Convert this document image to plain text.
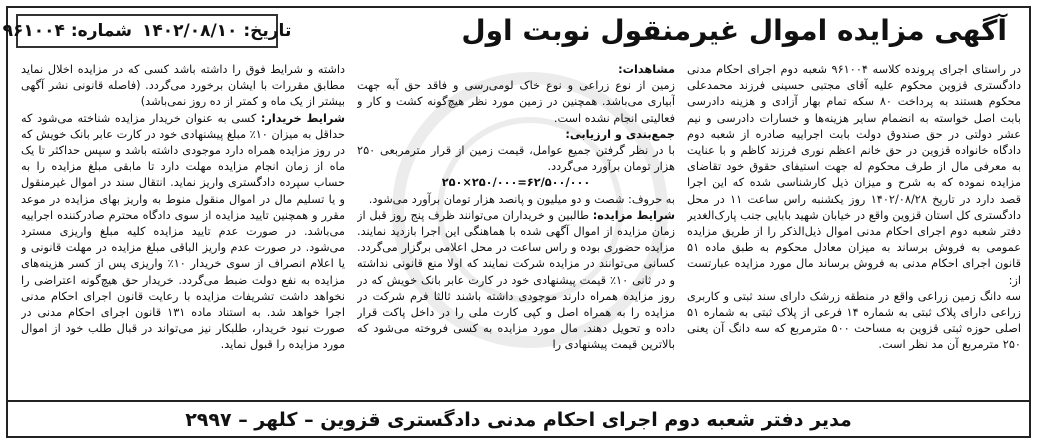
آگهی مزایده اموال غیرمنقول نوبت اول
تاریخ: ۱۴۰۲/۰۸/۱۰
شماره: ۹۶۱۰۰۴

در راستای اجرای پرونده کلاسه ۹۶۱۰۰۴ شعبه دوم اجرای احکام مدنی دادگستری قزوین محکوم علیه آقای مجتبی حسینی فرزند محمدعلی محکوم هستند به پرداخت ۸۰ سکه تمام بهار آزادی و هزینه دادرسی بابت اصل خواسته به انضمام سایر هزینه‌ها و خسارات دادرسی و نیم عشر دولتی در حق صندوق دولت بابت اجراییه صادره از شعبه دوم دادگاه خانواده قزوین در حق خانم اعظم نوری فرزند کاظم و با عنایت به معرفی مال از طرف محکوم له جهت استیفای حقوق خود تقاضای مزایده نموده که به شرح و میزان ذیل کارشناسی شده که این اجرا قصد دارد در تاریخ ۱۴۰۲/۰۸/۲۸ روز یکشنبه راس ساعت ۱۱ در محل دادگستری کل استان قزوین واقع در خیابان شهید بابایی جنب پارک‌الغدیر دفتر شعبه دوم اجرای احکام مدنی اموال ذیل‌الذکر را از طریق مزایده عمومی به فروش برساند به میزان معادل محکوم به طبق ماده ۵۱ قانون اجرای احکام مدنی به فروش برساند مال مورد مزایده عبارتست از:

سه دانگ زمین زراعی واقع در منطقه زرشک دارای سند ثبتی و کاربری زراعی دارای پلاک ثبتی به شماره ۱۴ فرعی از پلاک ثبتی به شماره ۵۱ اصلی حوزه ثبتی قزوین به مساحت ۵۰۰ مترمربع که سه دانگ آن یعنی ۲۵۰ مترمربع آن مد نظر است.

مشاهدات:

زمین از نوع زراعی و نوع خاک لومی‌رسی و فاقد حق آبه جهت آبیاری می‌باشد. همچنین در زمین مورد نظر هیچ‌گونه کشت و کار و فعالیتی انجام نشده است.

جمع‌بندی و ارزیابی:

با در نظر گرفتن جمیع عوامل، قیمت زمین از قرار مترمربعی ۲۵۰ هزار تومان برآورد می‌گردد.

۲۵۰×۲۵۰/۰۰۰=۶۲/۵۰۰/۰۰۰

به حروف: شصت و دو میلیون و پانصد هزار تومان برآورد می‌شود.

شرایط مزایده: طالبین و خریداران می‌توانند ظرف پنج روز قبل از زمان مزایده از اموال آگهی شده با هماهنگی این اجرا بازدید نمایند. مزایده حضوری بوده و راس ساعت در محل اعلامی برگزار می‌گردد. کسانی می‌توانند در مزایده شرکت نمایند که اولا منع قانونی نداشته و در ثانی ۱۰٪ قیمت پیشنهادی خود در کارت عابر بانک خویش که در روز مزایده همراه دارند موجودی داشته باشند ثالثا فرم شرکت در مزایده را به همراه اصل و کپی کارت ملی را در داخل پاکت قرار داده و تحویل دهند. مال مورد مزایده به کسی فروخته می‌شود که بالاترین قیمت پیشنهادی را

داشته و شرایط فوق را داشته باشد کسی که در مزایده اخلال نماید مطابق مقررات با ایشان برخورد می‌گردد. (فاصله قانونی نشر آگهی بیشتر از یک ماه و کمتر از ده روز نمی‌باشد)

شرایط خریدار: کسی به عنوان خریدار مزایده شناخته می‌شود که حداقل به میزان ۱۰٪ مبلغ پیشنهادی خود در کارت عابر بانک خویش که در روز مزایده همراه دارد موجودی داشته باشد و سپس حداکثر تا یک ماه از زمان انجام مزایده مهلت دارد تا مابقی مبلغ مزایده را به حساب سپرده دادگستری واریز نماید. انتقال سند در اموال غیرمنقول و یا تسلیم مال در اموال منقول منوط به واریز بهای مزایده در موعد مقرر و همچنین تایید مزایده از سوی دادگاه محترم صادرکننده اجراییه می‌باشد. در صورت عدم تایید مزایده کلیه مبلغ واریزی مسترد می‌شود. در صورت عدم واریز الباقی مبلغ مزایده در مهلت قانونی و یا اعلام انصراف از سوی خریدار ۱۰٪ واریزی پس از کسر هزینه‌های مزایده به نفع دولت ضبط می‌گردد. خریدار حق هیچ‌گونه اعتراضی را نخواهد داشت تشریفات مزایده با رعایت قانون اجرای احکام مدنی اجرا خواهد شد. به استناد ماده ۱۳۱ قانون اجرای احکام مدنی در صورت نبود خریدار، طلبکار نیز می‌تواند در قبال طلب خود از اموال مورد مزایده را قبول نماید.

مدیر دفتر شعبه دوم اجرای احکام مدنی دادگستری قزوین – کلهر – ۲۹۹۷
